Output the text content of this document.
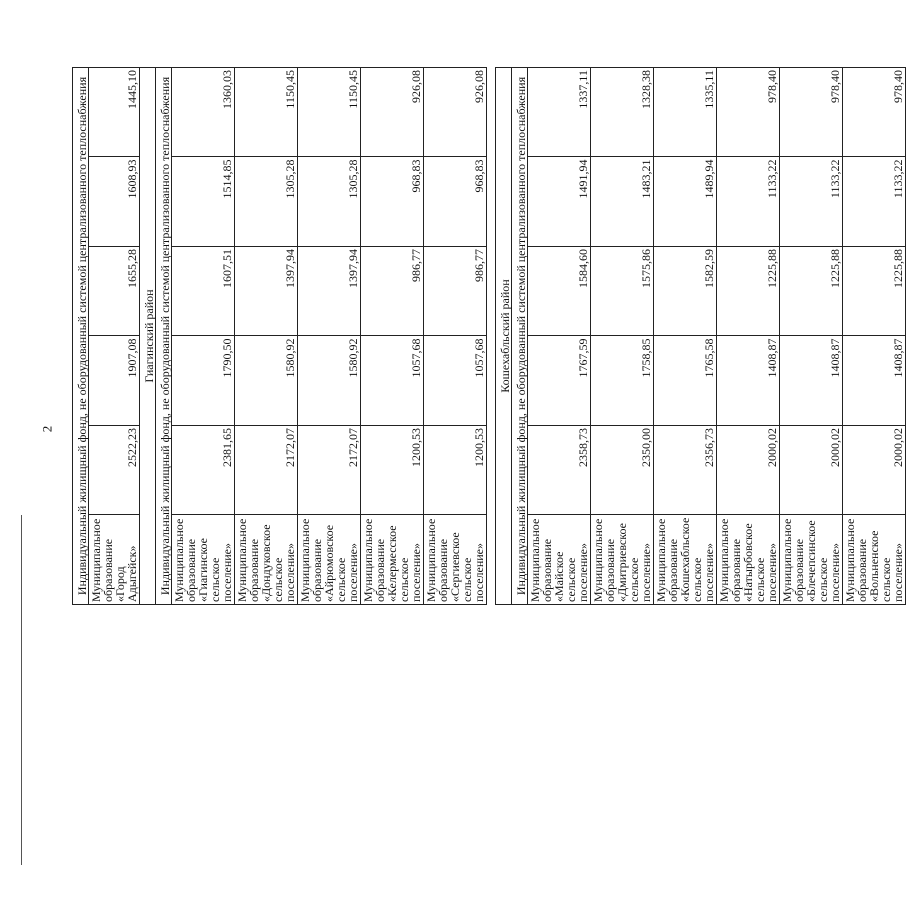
2 Индивидуальный жилищный фонд, не оборудованный системой централизованного теплоснабжения					
Муниципальное образование «Город Адыгейск»	2522,23	1907,08	1655,28	1608,93	1445,10
Гиагинский район					
Индивидуальный жилищный фонд, не оборудованный системой централизованного теплоснабжения					

Муниципальное образование
«Гиагинское сельское поселение»	2381,65	1790,50	1607,51	1514,85	1360,03

Муниципальное образование
«Дондуковское сельское поселение»	2172,07	1580,92	1397,94	1305,28	1150,45

Муниципальное образование
«Айрюмовское сельское поселение»	2172,07	1580,92	1397,94	1305,28	1150,45

Муниципальное образование
«Келермесское сельское поселение»	1200,53	1057,68	986,77	968,83	926,08

Муниципальное образование
«Сергиевское сельское поселение»	1200,53	1057,68	986,77	968,83	926,08

Кошехабльский район					
Индивидуальный жилищный фонд, не оборудованный системой централизованного теплоснабжения					

Муниципальное образование
«Майское сельское поселение»	2358,73	1767,59	1584,60	1491,94	1337,11

Муниципальное образование
«Дмитриевское сельское поселение»	2350,00	1758,85	1575,86	1483,21	1328,38

Муниципальное образование
«Кошехабльское сельское поселение»	2356,73	1765,58	1582,59	1489,94	1335,11

Муниципальное образование
«Натырбовское сельское поселение»	2000,02	1408,87	1225,88	1133,22	978,40

Муниципальное образование
«Блечепсинское сельское поселение»	2000,02	1408,87	1225,88	1133,22	978,40

Муниципальное образование
«Вольненское сельское поселение»	2000,02	1408,87	1225,88	1133,22	978,40
